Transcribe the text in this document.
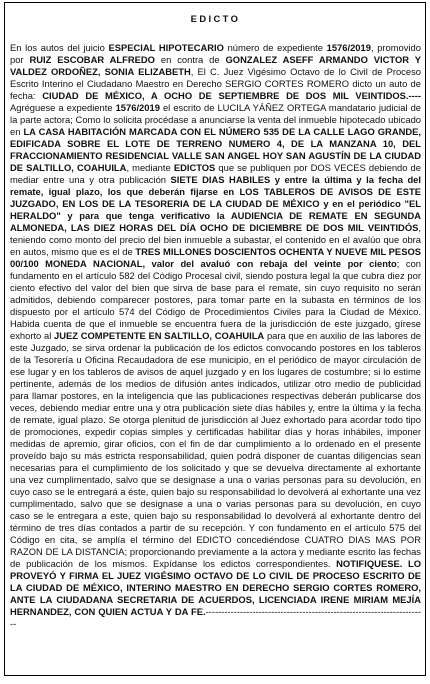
EDICTO

En los autos del juicio ESPECIAL HIPOTECARIO número de expediente 1576/2019, promovido por RUIZ ESCOBAR ALFREDO en contra de GONZALEZ ASEFF ARMANDO VICTOR Y VALDEZ ORDOÑEZ, SONIA ELIZABETH, El C. Juez Vigésimo Octavo de lo Civil de Proceso Escrito Interino el Ciudadano Maestro en Derecho SERGIO CORTES ROMERO dicto un auto de fecha: CIUDAD DE MÉXICO, A OCHO DE SEPTIEMBRE DE DOS MIL VEINTIDOS.---- Agréguese a expediente 1576/2019 el escrito de LUCILA YÁÑEZ ORTEGA mandatario judicial de la parte actora; Como lo solicita procédase a anunciarse la venta del inmueble hipotecado ubicado en LA CASA HABITACIÓN MARCADA CON EL NÚMERO 535 DE LA CALLE LAGO GRANDE, EDIFICADA SOBRE EL LOTE DE TERRENO NUMERO 4, DE LA MANZANA 10, DEL FRACCIONAMIENTO RESIDENCIAL VALLE SAN ANGEL HOY SAN AGUSTÍN DE LA CIUDAD DE SALTILLO, COAHUILA, mediante EDICTOS que se publiquen por DOS VECES debiendo de mediar entre una y otra publicación SIETE DIAS HABILES y entre la última y la fecha del remate, igual plazo, los que deberán fijarse en LOS TABLEROS DE AVISOS DE ESTE JUZGADO, EN LOS DE LA TESORERIA DE LA CIUDAD DE MÉXICO y en el periódico "EL HERALDO" y para que tenga verificativo la AUDIENCIA DE REMATE EN SEGUNDA ALMONEDA, LAS DIEZ HORAS DEL DÍA OCHO DE DICIEMBRE DE DOS MIL VEINTIDÓS, teniendo como monto del precio del bien inmueble a subastar, el contenido en el avalúo que obra en autos, mismo que es el de TRES MILLONES DOSCIENTOS OCHENTA Y NUEVE MIL PESOS 00/100 MONEDA NACIONAL, valor del avaluó con rebaja del veinte por ciento; con fundamento en el artículo 582 del Código Procesal civil, siendo postura legal la que cubra diez por ciento efectivo del valor del bien que sirva de base para el remate, sin cuyo requisito no serán admitidos, debiendo comparecer postores, para tomar parte en la subasta en términos de los dispuesto por el artículo 574 del Código de Procedimientos Civiles para la Ciudad de México. Habida cuenta de que el inmueble se encuentra fuera de la jurisdicción de este juzgado, gírese exhorto al JUEZ COMPETENTE EN SALTILLO, COAHUILA para que en auxilio de las labores de este Juzgado, se sirva ordenar la publicación de los edictos convocando postores en los tableros de la Tesorería u Oficina Recaudadora de ese municipio, en el periódico de mayor circulación de ese lugar y en los tableros de avisos de aquel juzgado y en los lugares de costumbre; si lo estime pertinente, además de los medios de difusión antes indicados, utilizar otro medio de publicidad para llamar postores, en la inteligencia que las publicaciones respectivas deberán publicarse dos veces, debiendo mediar entre una y otra publicación siete días hábiles y, entre la última y la fecha de remate, igual plazo. Se otorga plenitud de jurisdicción al Juez exhortado para acordar todo tipo de promociones, expedir copias simples y certificadas habilitar días y horas inhábiles, imponer medidas de apremio, girar oficios, con el fin de dar cumplimiento a lo ordenado en el presente proveído bajo su más estricta responsabilidad, quien podrá disponer de cuantas diligencias sean necesarias para el cumplimiento de los solicitado y que se devuelva directamente al exhortante una vez cumplimentado, salvo que se designase a una o varias personas para su devolución, en cuyo caso se le entregará a éste, quien bajo su responsabilidad lo devolverá al exhortante una vez cumplimentado, salvo que se designase a una o varias personas para su devolución, en cuyo caso se le entregara a este, quien bajo su responsabilidad lo devolverá al exhortante dentro del término de tres días contados a partir de su recepción. Y con fundamento en el artículo 575 del Código en cita, se amplía el término del EDICTO concediéndose CUATRO DIAS MAS POR RAZON DE LA DISTANCIA; proporcionando previamente a la actora y mediante escrito las fechas de publicación de los mismos. Expídanse los edictos correspondientes. NOTIFIQUESE. LO PROVEYÓ Y FIRMA EL JUEZ VIGÉSIMO OCTAVO DE LO CIVIL DE PROCESO ESCRITO DE LA CIUDAD DE MÉXICO, INTERINO MAESTRO EN DERECHO SERGIO CORTES ROMERO, ANTE LA CIUDADANA SECRETARIA DE ACUERDOS, LICENCIADA IRENE MIRIAM MEJÍA HERNANDEZ, CON QUIEN ACTUA Y DA FE.-----------------------------------------------------------------------
